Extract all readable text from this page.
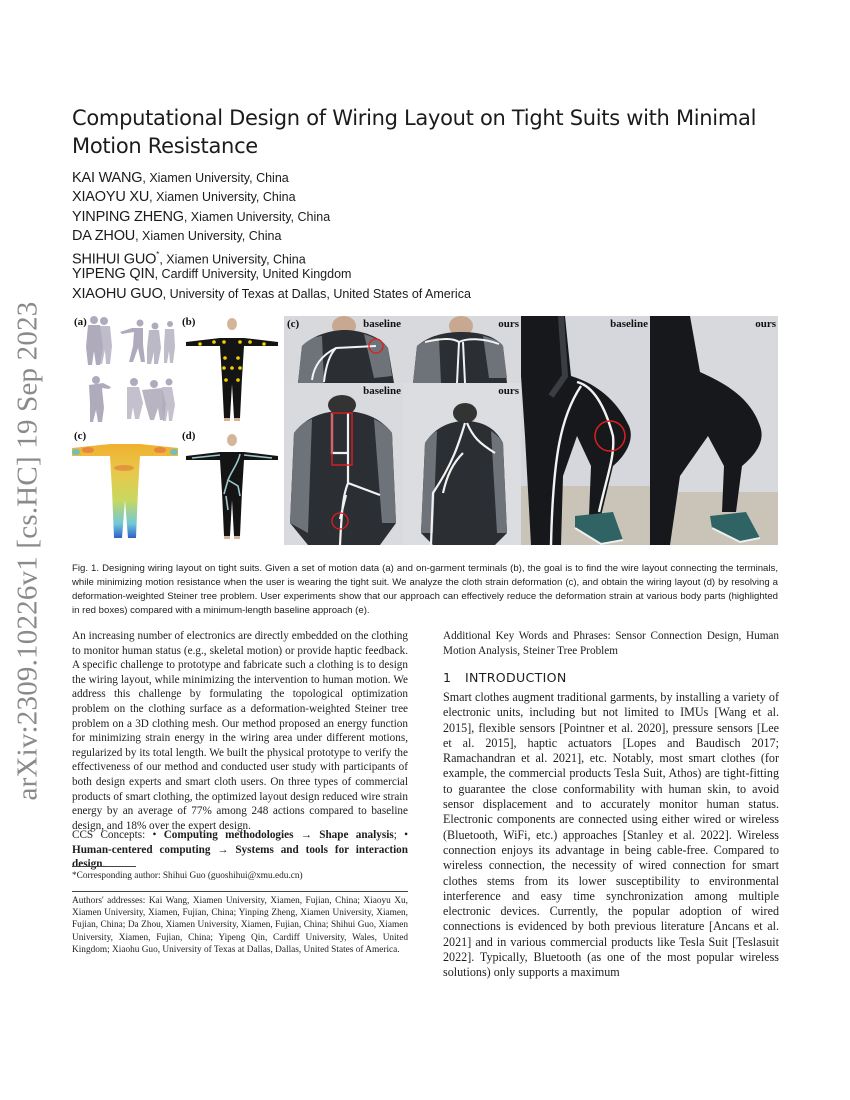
arXiv:2309.10226v1 [cs.HC] 19 Sep 2023
Computational Design of Wiring Layout on Tight Suits with Minimal Motion Resistance
KAI WANG, Xiamen University, China
XIAOYU XU, Xiamen University, China
YINPING ZHENG, Xiamen University, China
DA ZHOU, Xiamen University, China
SHIHUI GUO*, Xiamen University, China
YIPENG QIN, Cardiff University, United Kingdom
XIAOHU GUO, University of Texas at Dallas, United States of America
(a)	(b)
(c)	(d)
(c)	baseline	ours
baseline	ours
baseline	ours
Fig. 1. Designing wiring layout on tight suits. Given a set of motion data (a) and on-garment terminals (b), the goal is to find the wire layout connecting the terminals, while minimizing motion resistance when the user is wearing the tight suit. We analyze the cloth strain deformation (c), and obtain the wiring layout (d) by resolving a deformation-weighted Steiner tree problem. User experiments show that our approach can effectively reduce the deformation strain at various body parts (highlighted in red boxes) compared with a minimum-length baseline approach (e).
An increasing number of electronics are directly embedded on the clothing to monitor human status (e.g., skeletal motion) or provide haptic feedback. A specific challenge to prototype and fabricate such a clothing is to design the wiring layout, while minimizing the intervention to human motion. We address this challenge by formulating the topological optimization problem on the clothing surface as a deformation-weighted Steiner tree problem on a 3D clothing mesh. Our method proposed an energy function for minimizing strain energy in the wiring area under different motions, regularized by its total length. We built the physical prototype to verify the effectiveness of our method and conducted user study with participants of both design experts and smart cloth users. On three types of commercial products of smart clothing, the optimized layout design reduced wire strain energy by an average of 77% among 248 actions compared to baseline design, and 18% over the expert design.
CCS Concepts: • Computing methodologies → Shape analysis; • Human-centered computing → Systems and tools for interaction design.
*Corresponding author: Shihui Guo (guoshihui@xmu.edu.cn)
Authors' addresses: Kai Wang, Xiamen University, Xiamen, Fujian, China; Xiaoyu Xu, Xiamen University, Xiamen, Fujian, China; Yinping Zheng, Xiamen University, Xiamen, Fujian, China; Da Zhou, Xiamen University, Xiamen, Fujian, China; Shihui Guo, Xiamen University, Xiamen, Fujian, China; Yipeng Qin, Cardiff University, Wales, United Kingdom; Xiaohu Guo, University of Texas at Dallas, Dallas, United States of America.
Additional Key Words and Phrases: Sensor Connection Design, Human Motion Analysis, Steiner Tree Problem
1 INTRODUCTION
Smart clothes augment traditional garments, by installing a variety of electronic units, including but not limited to IMUs [Wang et al. 2015], flexible sensors [Pointner et al. 2020], pressure sensors [Lee et al. 2015], haptic actuators [Lopes and Baudisch 2017; Ramachandran et al. 2021], etc. Notably, most smart clothes (for example, the commercial products Tesla Suit, Athos) are tight-fitting to guarantee the close conformability with human skin, to avoid sensor displacement and to accurately monitor human status. Electronic components are connected using either wired or wireless (Bluetooth, WiFi, etc.) approaches [Stanley et al. 2022]. Wireless connection enjoys its advantage in being cable-free. Compared to wireless connection, the necessity of wired connection for smart clothes stems from its lower susceptibility to environmental interference and easy time synchronization among multiple electronic devices. Currently, the popular adoption of wired connections is evidenced by both previous literature [Ancans et al. 2021] and in various commercial products like Tesla Suit [Teslasuit 2022]. Typically, Bluetooth (as one of the most popular wireless solutions) only supports a maximum
